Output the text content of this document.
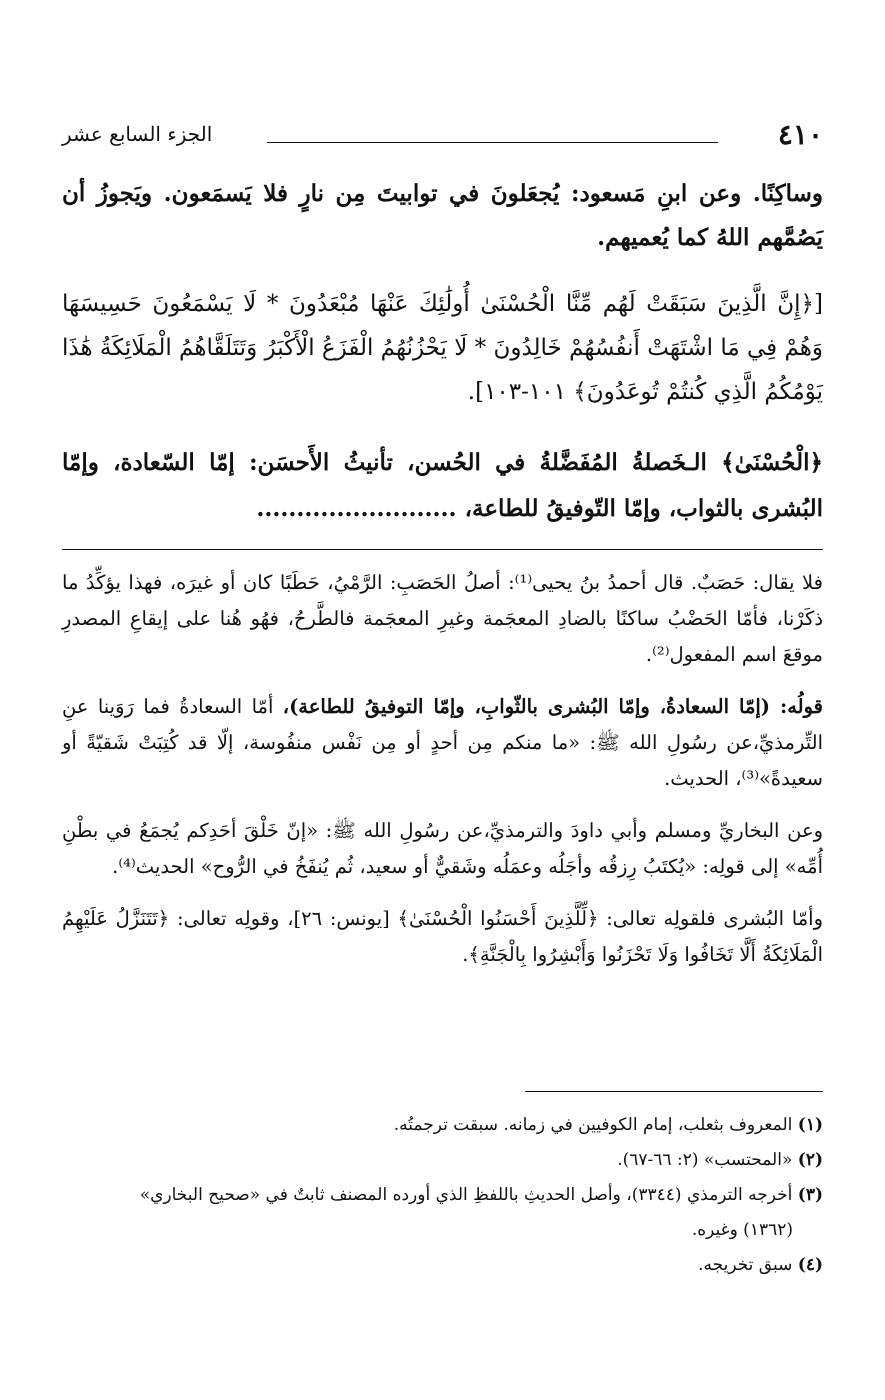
٤١٠
الجزء السابع عشر

وساكِنًا. وعن ابنِ مَسعود: يُجعَلونَ في توابيتَ مِن نارٍ فلا يَسمَعون. ويَجوزُ أن يَصُمَّهم اللهُ كما يُعميهم.

[﴿إِنَّ الَّذِينَ سَبَقَتْ لَهُم مِّنَّا الْحُسْنَىٰ أُولَٰئِكَ عَنْهَا مُبْعَدُونَ * لَا يَسْمَعُونَ حَسِيسَهَا وَهُمْ فِي مَا اشْتَهَتْ أَنفُسُهُمْ خَالِدُونَ * لَا يَحْزُنُهُمُ الْفَزَعُ الْأَكْبَرُ وَتَتَلَقَّاهُمُ الْمَلَائِكَةُ هَٰذَا يَوْمُكُمُ الَّذِي كُنتُمْ تُوعَدُونَ﴾ ١٠١-١٠٣].

﴿الْحُسْنَىٰ﴾ الـخَصلةُ المُفَضَّلةُ في الحُسن، تأنيثُ الأَحسَن: إمّا السّعادة، وإمّا البُشرى بالثواب، وإمّا التّوفيقُ للطاعة، .........................

فلا يقال: حَصَبٌ. قال أحمدُ بنُ يحيى⁽¹⁾: أصلُ الحَصَبِ: الرَّمْيُ، حَطَبًا كان أو غيرَه، فهذا يؤكِّدُ ما ذكَرْنا، فأمّا الحَضْبُ ساكنًا بالضادِ المعجَمة وغيرِ المعجَمة فالطَّرحُ، فهُو هُنا على إيقاعِ المصدرِ موقعَ اسم المفعول⁽²⁾.

قولُه: (إمّا السعادةُ، وإمّا البُشرى بالثّوابِ، وإمّا التوفيقُ للطاعة)، أمّا السعادةُ فما رَوَينا عنِ التِّرمذيِّ،عن رسُولِ الله ﷺ: «ما منكم مِن أحدٍ أو مِن نَفْس منفُوسة، إلّا قد كُتِبَتْ شَقيّةً أو سعيدةً»⁽³⁾، الحديث.

وعن البخاريِّ ومسلم وأبي داودَ والترمذيِّ،عن رسُولِ الله ﷺ: «إنّ خَلْقَ أحَدِكم يُجمَعُ في بطْنِ أُمِّه» إلى قولِه: «يُكتَبُ رِزقُه وأجَلُه وعمَلُه وشَقيٌّ أو سعيد، ثُم يُنفَخُ في الرُّوح» الحديث⁽⁴⁾.

وأمّا البُشرى فلقولِه تعالى: ﴿لِّلَّذِينَ أَحْسَنُوا الْحُسْنَىٰ﴾ [يونس: ٢٦]، وقولِه تعالى: ﴿تَتَنَزَّلُ عَلَيْهِمُ الْمَلَائِكَةُ أَلَّا تَخَافُوا وَلَا تَحْزَنُوا وَأَبْشِرُوا بِالْجَنَّةِ﴾.

(١) المعروف بثعلب، إمام الكوفيين في زمانه. سبقت ترجمتُه.

(٢) «المحتسب» (٢: ٦٦-٦٧).

(٣) أخرجه الترمذي (٣٣٤٤)، وأصل الحديثِ باللفظِ الذي أورده المصنف ثابتٌ في «صحيح البخاري»

(١٣٦٢) وغيره.

(٤) سبق تخريجه.
